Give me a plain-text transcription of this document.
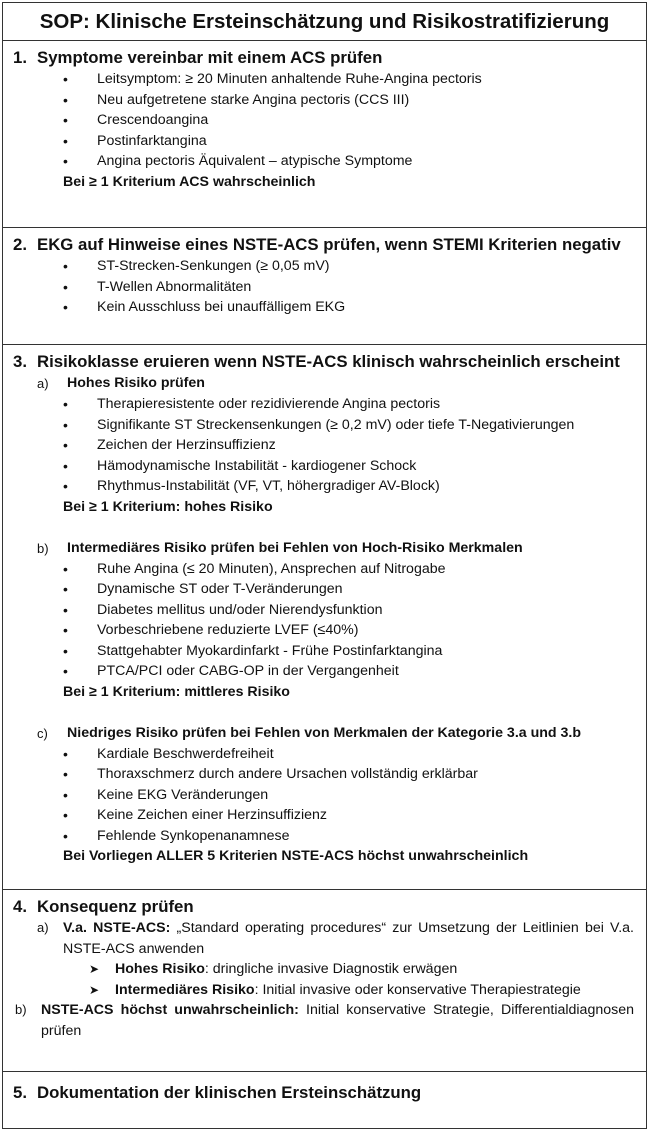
SOP: Klinische Ersteinschätzung und Risikostratifizierung
1. Symptome vereinbar mit einem ACS prüfen
• Leitsymptom: ≥ 20 Minuten anhaltende Ruhe-Angina pectoris
• Neu aufgetretene starke Angina pectoris (CCS III)
• Crescendoangina
• Postinfarktangina
• Angina pectoris Äquivalent – atypische Symptome
Bei ≥ 1 Kriterium ACS wahrscheinlich
2. EKG auf Hinweise eines NSTE-ACS prüfen, wenn STEMI Kriterien negativ
• ST-Strecken-Senkungen (≥ 0,05 mV)
• T-Wellen Abnormalitäten
• Kein Ausschluss bei unauffälligem EKG
3. Risikoklasse eruieren wenn NSTE-ACS klinisch wahrscheinlich erscheint
a)	Hohes Risiko prüfen
• Therapieresistente oder rezidivierende Angina pectoris
• Signifikante ST Streckensenkungen (≥ 0,2 mV) oder tiefe T-Negativierungen
• Zeichen der Herzinsuffizienz
• Hämodynamische Instabilität - kardiogener Schock
• Rhythmus-Instabilität (VF, VT, höhergradiger AV-Block)
Bei ≥ 1 Kriterium: hohes Risiko
b)	Intermediäres Risiko prüfen bei Fehlen von Hoch-Risiko Merkmalen
• Ruhe Angina (≤ 20 Minuten), Ansprechen auf Nitrogabe
• Dynamische ST oder T-Veränderungen
• Diabetes mellitus und/oder Nierendysfunktion
• Vorbeschriebene reduzierte LVEF (≤40%)
• Stattgehabter Myokardinfarkt - Frühe Postinfarktangina
• PTCA/PCI oder CABG-OP in der Vergangenheit
Bei ≥ 1 Kriterium: mittleres Risiko
c)	Niedriges Risiko prüfen bei Fehlen von Merkmalen der Kategorie 3.a und 3.b
• Kardiale Beschwerdefreiheit
• Thoraxschmerz durch andere Ursachen vollständig erklärbar
• Keine EKG Veränderungen
• Keine Zeichen einer Herzinsuffizienz
• Fehlende Synkopenanamnese
Bei Vorliegen ALLER 5 Kriterien NSTE-ACS höchst unwahrscheinlich
4. Konsequenz prüfen
a)	V.a. NSTE-ACS: „Standard operating procedures“ zur Umsetzung der Leitlinien bei V.a. NSTE-ACS anwenden
➤	Hohes Risiko: dringliche invasive Diagnostik erwägen
➤	Intermediäres Risiko: Initial invasive oder konservative Therapiestrategie
b)	NSTE-ACS höchst unwahrscheinlich: Initial konservative Strategie, Differentialdiagnosen prüfen
5. Dokumentation der klinischen Ersteinschätzung
